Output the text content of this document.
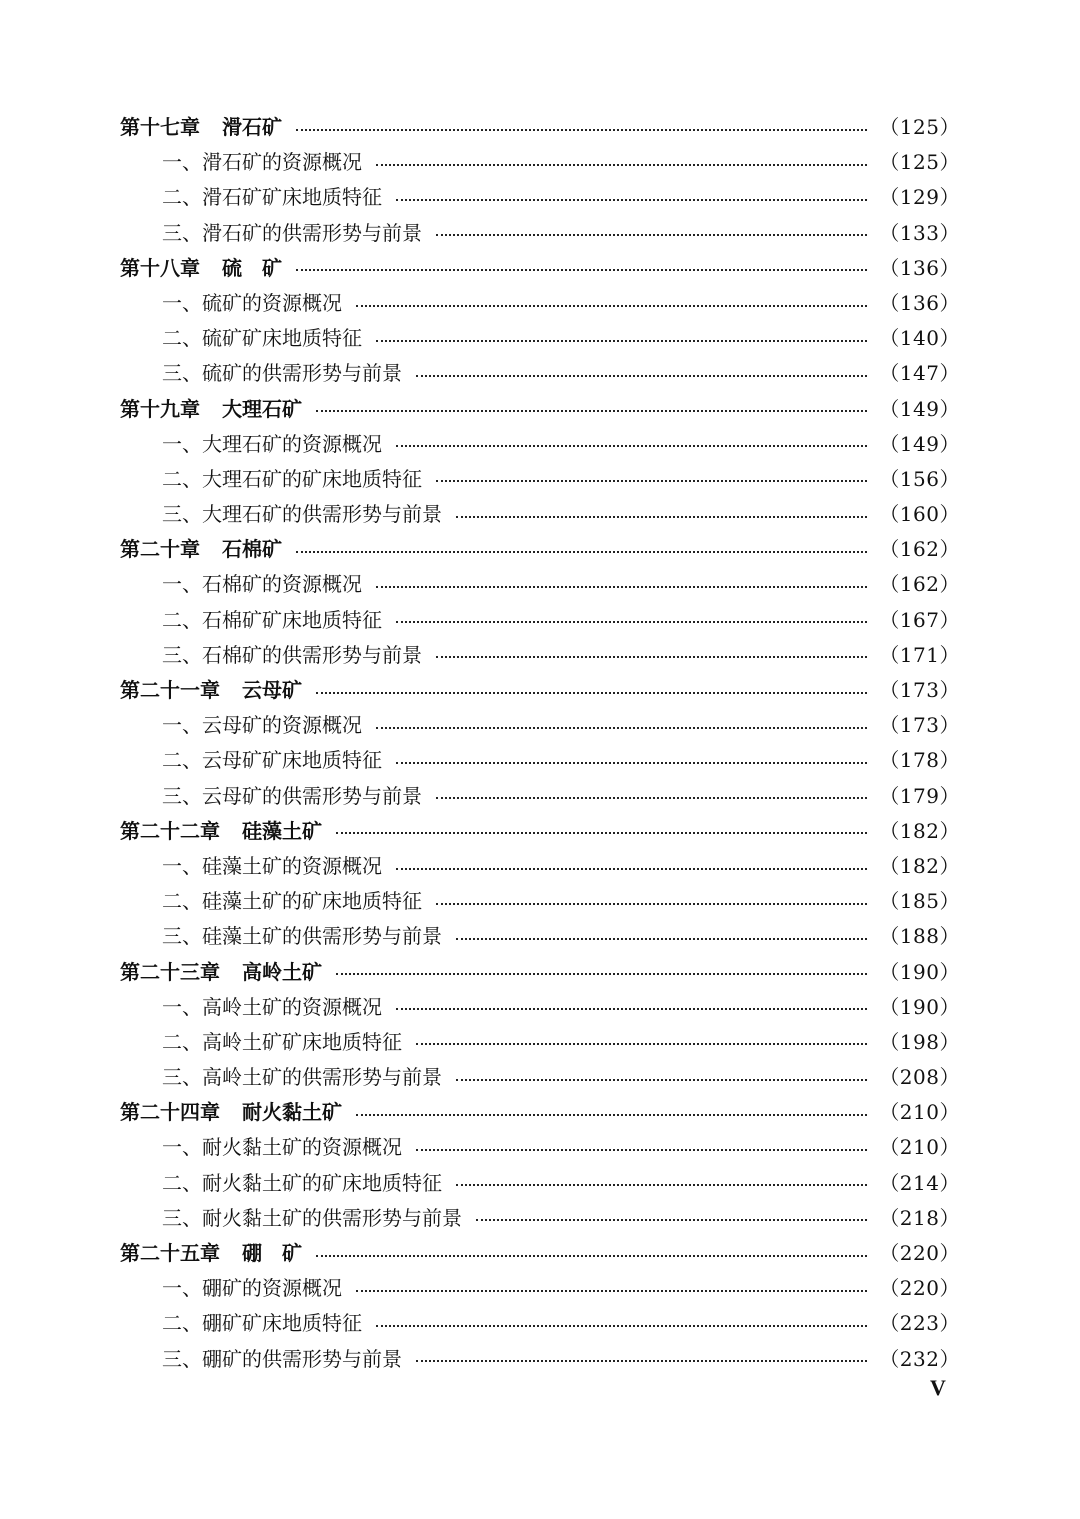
第十七章 滑石矿	（125）
一、 滑石矿的资源概况	（125）
二、 滑石矿矿床地质特征	（129）
三、 滑石矿的供需形势与前景	（133）
第十八章 硫　矿	（136）
一、 硫矿的资源概况	（136）
二、 硫矿矿床地质特征	（140）
三、 硫矿的供需形势与前景	（147）
第十九章 大理石矿	（149）
一、 大理石矿的资源概况	（149）
二、 大理石矿的矿床地质特征	（156）
三、 大理石矿的供需形势与前景	（160）
第二十章 石棉矿	（162）
一、 石棉矿的资源概况	（162）
二、 石棉矿矿床地质特征	（167）
三、 石棉矿的供需形势与前景	（171）
第二十一章 云母矿	（173）
一、 云母矿的资源概况	（173）
二、 云母矿矿床地质特征	（178）
三、 云母矿的供需形势与前景	（179）
第二十二章 硅藻土矿	（182）
一、 硅藻土矿的资源概况	（182）
二、 硅藻土矿的矿床地质特征	（185）
三、 硅藻土矿的供需形势与前景	（188）
第二十三章 高岭土矿	（190）
一、 高岭土矿的资源概况	（190）
二、 高岭土矿矿床地质特征	（198）
三、 高岭土矿的供需形势与前景	（208）
第二十四章 耐火黏土矿	（210）
一、 耐火黏土矿的资源概况	（210）
二、 耐火黏土矿的矿床地质特征	（214）
三、 耐火黏土矿的供需形势与前景	（218）
第二十五章 硼　矿	（220）
一、 硼矿的资源概况	（220）
二、 硼矿矿床地质特征	（223）
三、 硼矿的供需形势与前景	（232）
V
